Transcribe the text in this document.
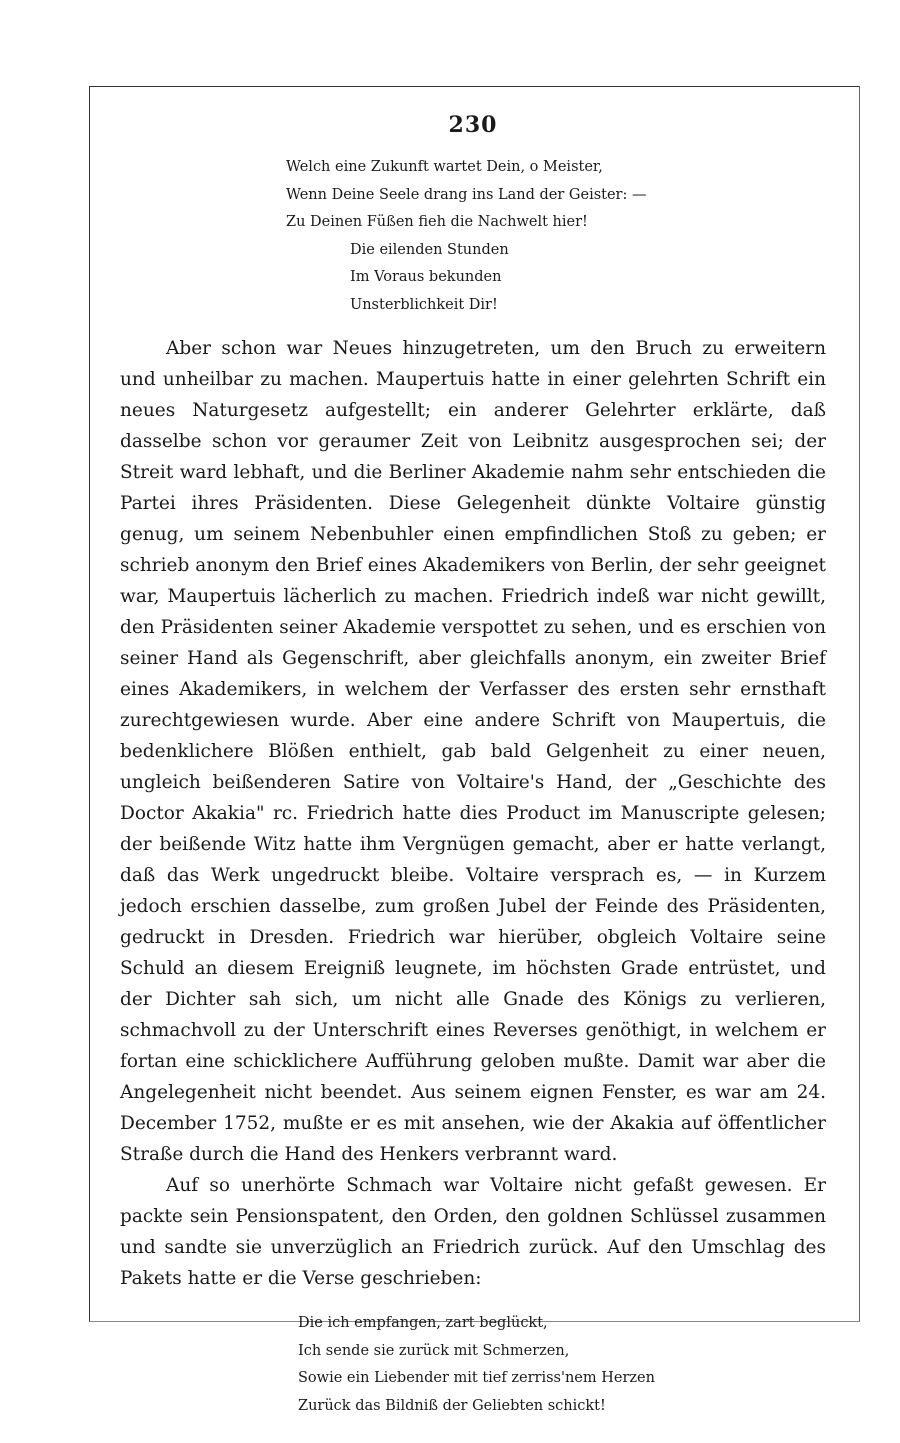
230
Welch eine Zukunft wartet Dein, o Meister,
Wenn Deine Seele drang ins Land der Geister: —
Zu Deinen Füßen fieh die Nachwelt hier!
Die eilenden Stunden
Im Voraus bekunden
Unsterblichkeit Dir!

Aber schon war Neues hinzugetreten, um den Bruch zu erweitern und unheilbar zu machen. Maupertuis hatte in einer gelehrten Schrift ein neues Naturgesetz aufgestellt; ein anderer Gelehrter erklärte, daß dasselbe schon vor geraumer Zeit von Leibnitz ausgesprochen sei; der Streit ward lebhaft, und die Berliner Akademie nahm sehr entschieden die Partei ihres Präsidenten. Diese Gelegenheit dünkte Voltaire günstig genug, um seinem Nebenbuhler einen empfindlichen Stoß zu geben; er schrieb anonym den Brief eines Akademikers von Berlin, der sehr geeignet war, Maupertuis lächerlich zu machen. Friedrich indeß war nicht gewillt, den Präsidenten seiner Akademie verspottet zu sehen, und es erschien von seiner Hand als Gegenschrift, aber gleichfalls anonym, ein zweiter Brief eines Akademikers, in welchem der Verfasser des ersten sehr ernsthaft zurechtgewiesen wurde. Aber eine andere Schrift von Maupertuis, die bedenklichere Blößen enthielt, gab bald Gelgenheit zu einer neuen, ungleich beißenderen Satire von Voltaire's Hand, der „Geschichte des Doctor Akakia" rc. Friedrich hatte dies Product im Manuscripte gelesen; der beißende Witz hatte ihm Vergnügen gemacht, aber er hatte verlangt, daß das Werk ungedruckt bleibe. Voltaire versprach es, — in Kurzem jedoch erschien dasselbe, zum großen Jubel der Feinde des Präsidenten, gedruckt in Dresden. Friedrich war hierüber, obgleich Voltaire seine Schuld an diesem Ereigniß leugnete, im höchsten Grade entrüstet, und der Dichter sah sich, um nicht alle Gnade des Königs zu verlieren, schmachvoll zu der Unterschrift eines Reverses genöthigt, in welchem er fortan eine schicklichere Aufführung geloben mußte. Damit war aber die Angelegenheit nicht beendet. Aus seinem eignen Fenster, es war am 24. December 1752, mußte er es mit ansehen, wie der Akakia auf öffentlicher Straße durch die Hand des Henkers verbrannt ward.

Auf so unerhörte Schmach war Voltaire nicht gefaßt gewesen. Er packte sein Pensionspatent, den Orden, den goldnen Schlüssel zusammen und sandte sie unverzüglich an Friedrich zurück. Auf den Umschlag des Pakets hatte er die Verse geschrieben:

Die ich empfangen, zart beglückt,
Ich sende sie zurück mit Schmerzen,
Sowie ein Liebender mit tief zerriss'nem Herzen
Zurück das Bildniß der Geliebten schickt!
